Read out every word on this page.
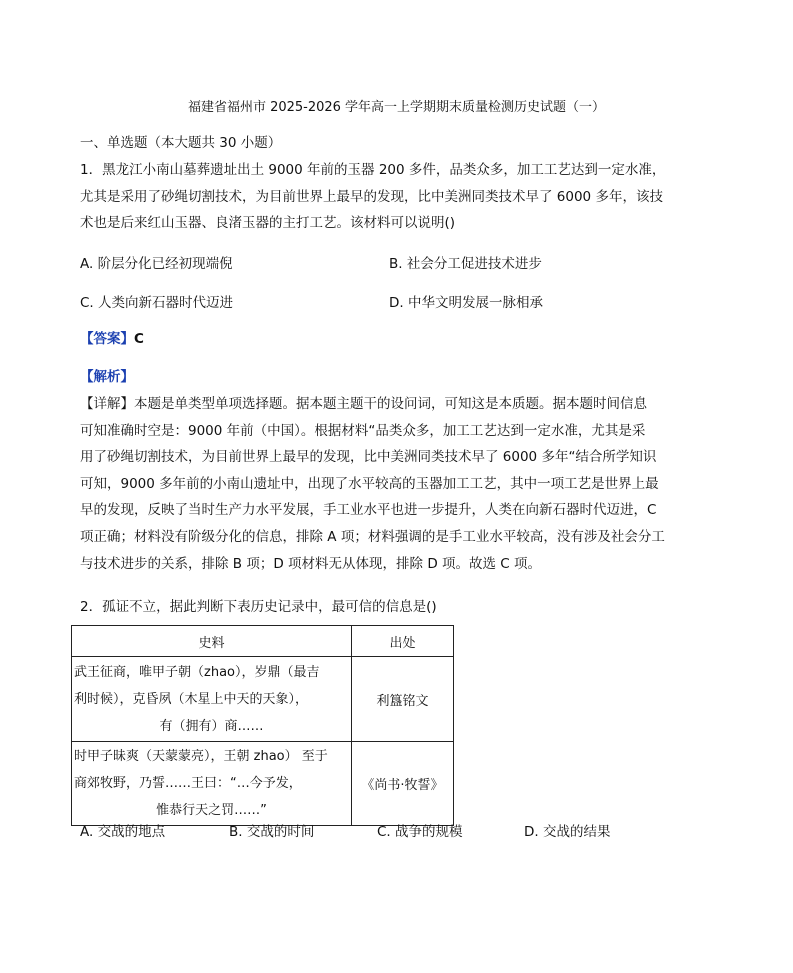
福建省福州市 2025-2026 学年高一上学期期末质量检测历史试题（一）
一、单选题（本大题共 30 小题）
1．黑龙江小南山墓葬遗址出土 9000 年前的玉器 200 多件，品类众多，加工工艺达到一定水准，
尤其是采用了砂绳切割技术，为目前世界上最早的发现，比中美洲同类技术早了 6000 多年，该技
术也是后来红山玉器、良渚玉器的主打工艺。该材料可以说明()
A. 阶层分化已经初现端倪	B. 社会分工促进技术进步
C. 人类向新石器时代迈进	D. 中华文明发展一脉相承
【答案】C
【解析】
【详解】本题是单类型单项选择题。据本题主题干的设问词，可知这是本质题。据本题时间信息
可知准确时空是：9000 年前（中国）。根据材料“品类众多，加工工艺达到一定水准，尤其是采
用了砂绳切割技术，为目前世界上最早的发现，比中美洲同类技术早了 6000 多年“结合所学知识
可知，9000 多年前的小南山遗址中，出现了水平较高的玉器加工工艺，其中一项工艺是世界上最
早的发现，反映了当时生产力水平发展，手工业水平也进一步提升，人类在向新石器时代迈进，C
项正确；材料没有阶级分化的信息，排除 A 项；材料强调的是手工业水平较高，没有涉及社会分工
与技术进步的关系，排除 B 项；D 项材料无从体现，排除 D 项。故选 C 项。
2．孤证不立，据此判断下表历史记录中，最可信的信息是()
史料	出处

武王征商，唯甲子朝（zhao），岁鼎（最吉
利时候），克昏夙（木星上中天的天象），
有（拥有）商……	利簋铭文

时甲子昧爽（天蒙蒙亮），王朝 zhao） 至于
商郊牧野，乃誓……王曰：“…今予发，
惟恭行天之罚……”	《尚书·牧誓》
A. 交战的地点	B. 交战的时间	C. 战争的规模	D. 交战的结果
